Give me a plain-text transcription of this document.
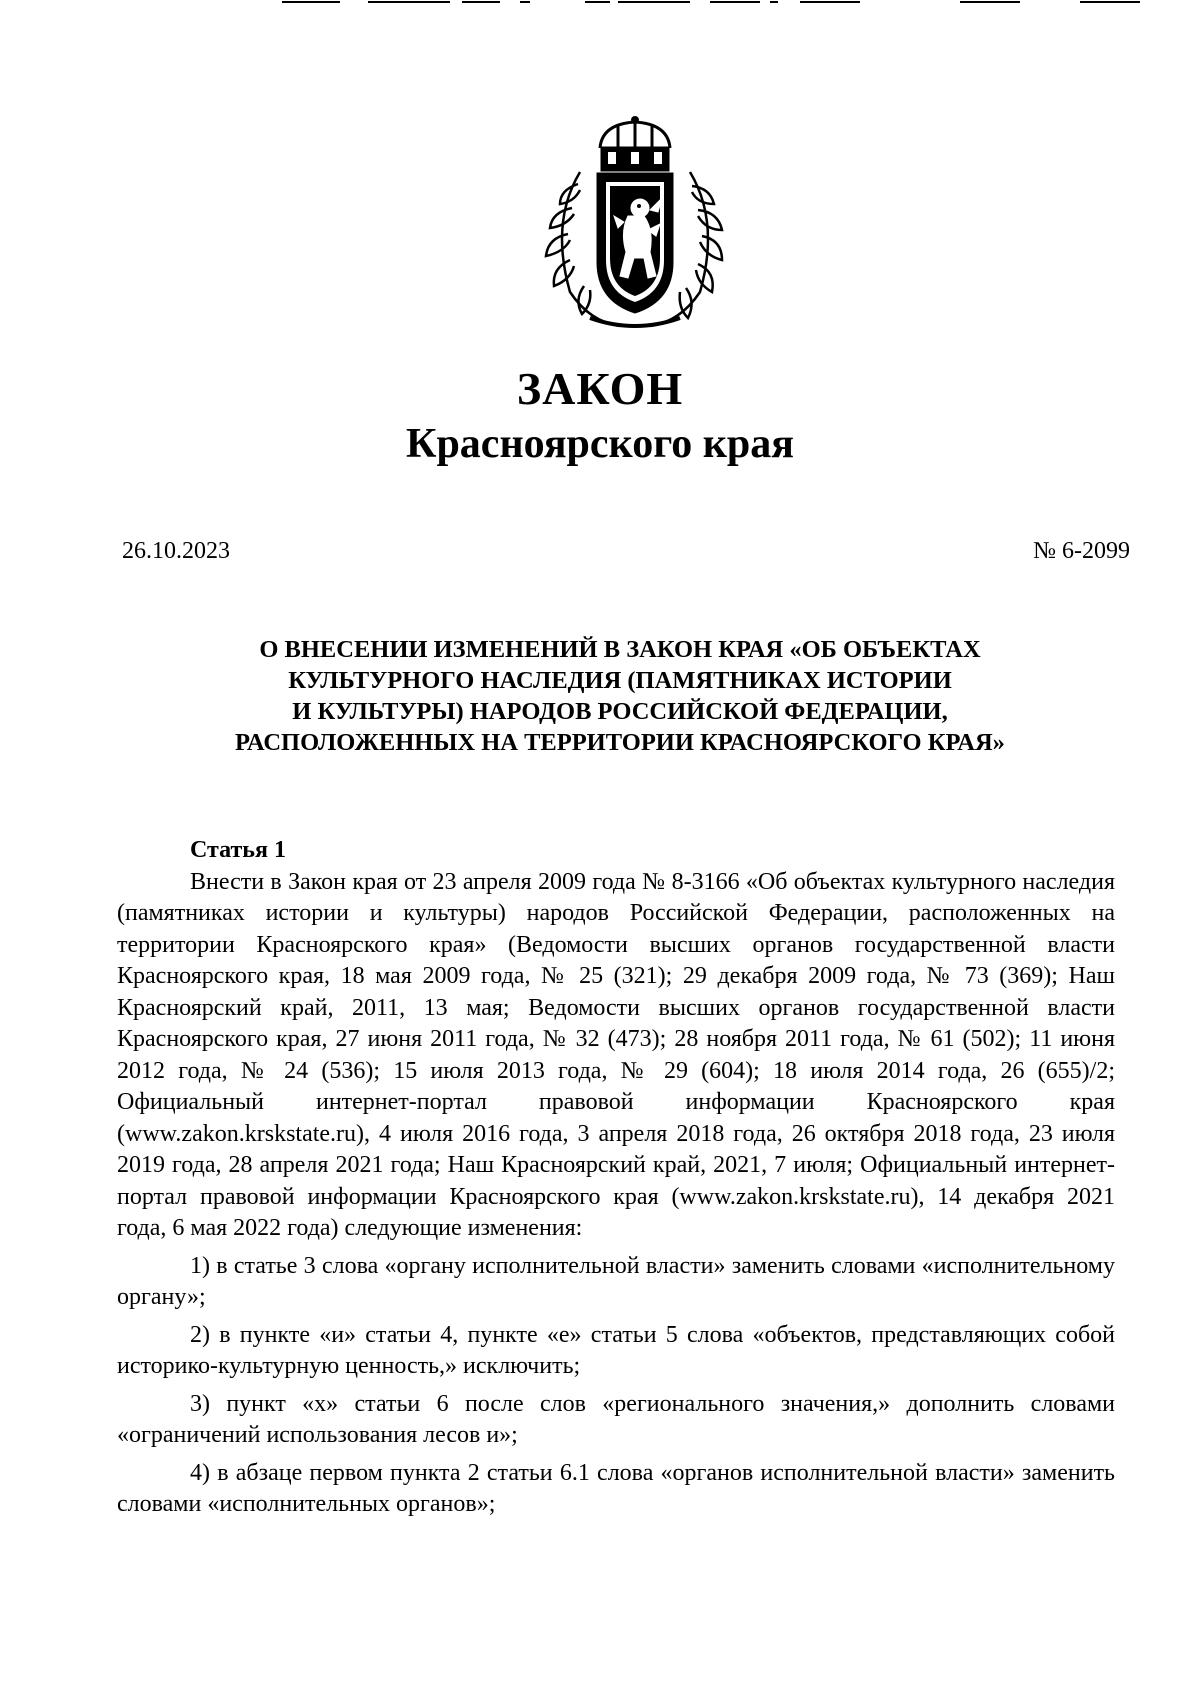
ЗАКОН
Красноярского края
26.10.2023	№ 6-2099
О ВНЕСЕНИИ ИЗМЕНЕНИЙ В ЗАКОН КРАЯ «ОБ ОБЪЕКТАХ
КУЛЬТУРНОГО НАСЛЕДИЯ (ПАМЯТНИКАХ ИСТОРИИ
И КУЛЬТУРЫ) НАРОДОВ РОССИЙСКОЙ ФЕДЕРАЦИИ,
РАСПОЛОЖЕННЫХ НА ТЕРРИТОРИИ КРАСНОЯРСКОГО КРАЯ»

Статья 1

Внести в Закон края от 23 апреля 2009 года № 8-3166 «Об объектах культурного наследия (памятниках истории и культуры) народов Российской Федерации, расположенных на территории Красноярского края» (Ведомости высших органов государственной власти Красноярского края, 18 мая 2009 года, № 25 (321); 29 декабря 2009 года, № 73 (369); Наш Красноярский край, 2011, 13 мая; Ведомости высших органов государственной власти Красноярского края, 27 июня 2011 года, № 32 (473); 28 ноября 2011 года, № 61 (502); 11 июня 2012 года, № 24 (536); 15 июля 2013 года, № 29 (604); 18 июля 2014 года, 26 (655)/2; Официальный интернет-портал правовой информации Красноярского края (www.zakon.krskstate.ru), 4 июля 2016 года, 3 апреля 2018 года, 26 октября 2018 года, 23 июля 2019 года, 28 апреля 2021 года; Наш Красноярский край, 2021, 7 июля; Официальный интернет-портал правовой информации Красноярского края (www.zakon.krskstate.ru), 14 декабря 2021 года, 6 мая 2022 года) следующие изменения:

1) в статье 3 слова «органу исполнительной власти» заменить словами «исполнительному органу»;

2) в пункте «и» статьи 4, пункте «е» статьи 5 слова «объектов, представляющих собой историко-культурную ценность,» исключить;

3) пункт «х» статьи 6 после слов «регионального значения,» дополнить словами «ограничений использования лесов и»;

4) в абзаце первом пункта 2 статьи 6.1 слова «органов исполнительной власти» заменить словами «исполнительных органов»;
